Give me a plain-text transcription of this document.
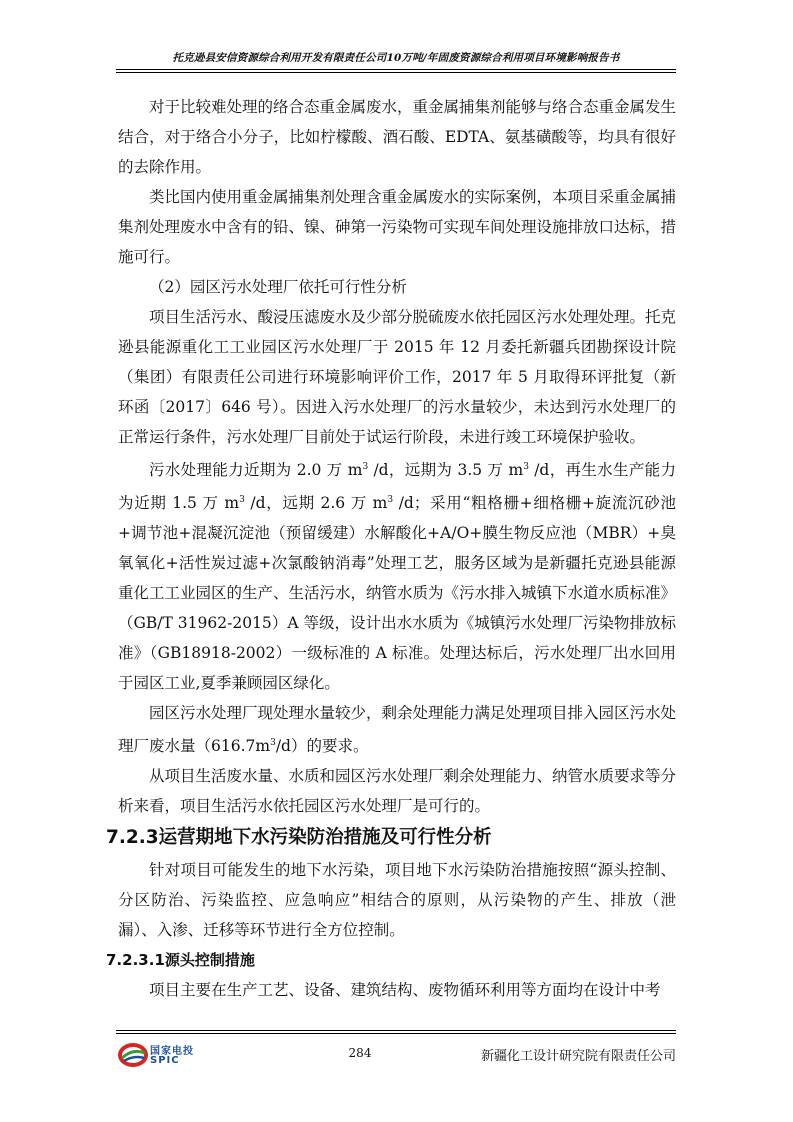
托克逊县安信资源综合利用开发有限责任公司10万吨/年固废资源综合利用项目环境影响报告书

对于比较难处理的络合态重金属废水，重金属捕集剂能够与络合态重金属发生结合，对于络合小分子，比如柠檬酸、酒石酸、EDTA、氨基磺酸等，均具有很好的去除作用。

类比国内使用重金属捕集剂处理含重金属废水的实际案例，本项目采重金属捕集剂处理废水中含有的铅、镍、砷第一污染物可实现车间处理设施排放口达标，措施可行。

（2）园区污水处理厂依托可行性分析

项目生活污水、酸浸压滤废水及少部分脱硫废水依托园区污水处理处理。托克逊县能源重化工工业园区污水处理厂于 2015 年 12 月委托新疆兵团勘探设计院（集团）有限责任公司进行环境影响评价工作，2017 年 5 月取得环评批复（新环函〔2017〕646 号）。因进入污水处理厂的污水量较少，未达到污水处理厂的正常运行条件，污水处理厂目前处于试运行阶段，未进行竣工环境保护验收。

污水处理能力近期为 2.0 万 $m^3$ /d，远期为 3.5 万 $m^3$ /d，再生水生产能力为近期 1.5 万 $m^3$ /d，远期 2.6 万 $m^3$ /d；采用“粗格栅+细格栅+旋流沉砂池+调节池+混凝沉淀池（预留缓建）水解酸化+A/O+膜生物反应池（MBR）+臭氧氧化+活性炭过滤+次氯酸钠消毒”处理工艺，服务区域为是新疆托克逊县能源重化工工业园区的生产、生活污水，纳管水质为《污水排入城镇下水道水质标准》（GB/T 31962-2015）A 等级，设计出水水质为《城镇污水处理厂污染物排放标准》（GB18918-2002）一级标准的 A 标准。处理达标后，污水处理厂出水回用于园区工业,夏季兼顾园区绿化。

园区污水处理厂现处理水量较少，剩余处理能力满足处理项目排入园区污水处理厂废水量$(616.7m^3/d)$的要求。

从项目生活废水量、水质和园区污水处理厂剩余处理能力、纳管水质要求等分析来看，项目生活污水依托园区污水处理厂是可行的。

7.2.3运营期地下水污染防治措施及可行性分析

针对项目可能发生的地下水污染，项目地下水污染防治措施按照“源头控制、分区防治、污染监控、应急响应”相结合的原则，从污染物的产生、排放（泄漏）、入渗、迁移等环节进行全方位控制。

7.2.3.1源头控制措施

项目主要在生产工艺、设备、建筑结构、废物循环利用等方面均在设计中考

国家电投
SPIC
284	新疆化工设计研究院有限责任公司
